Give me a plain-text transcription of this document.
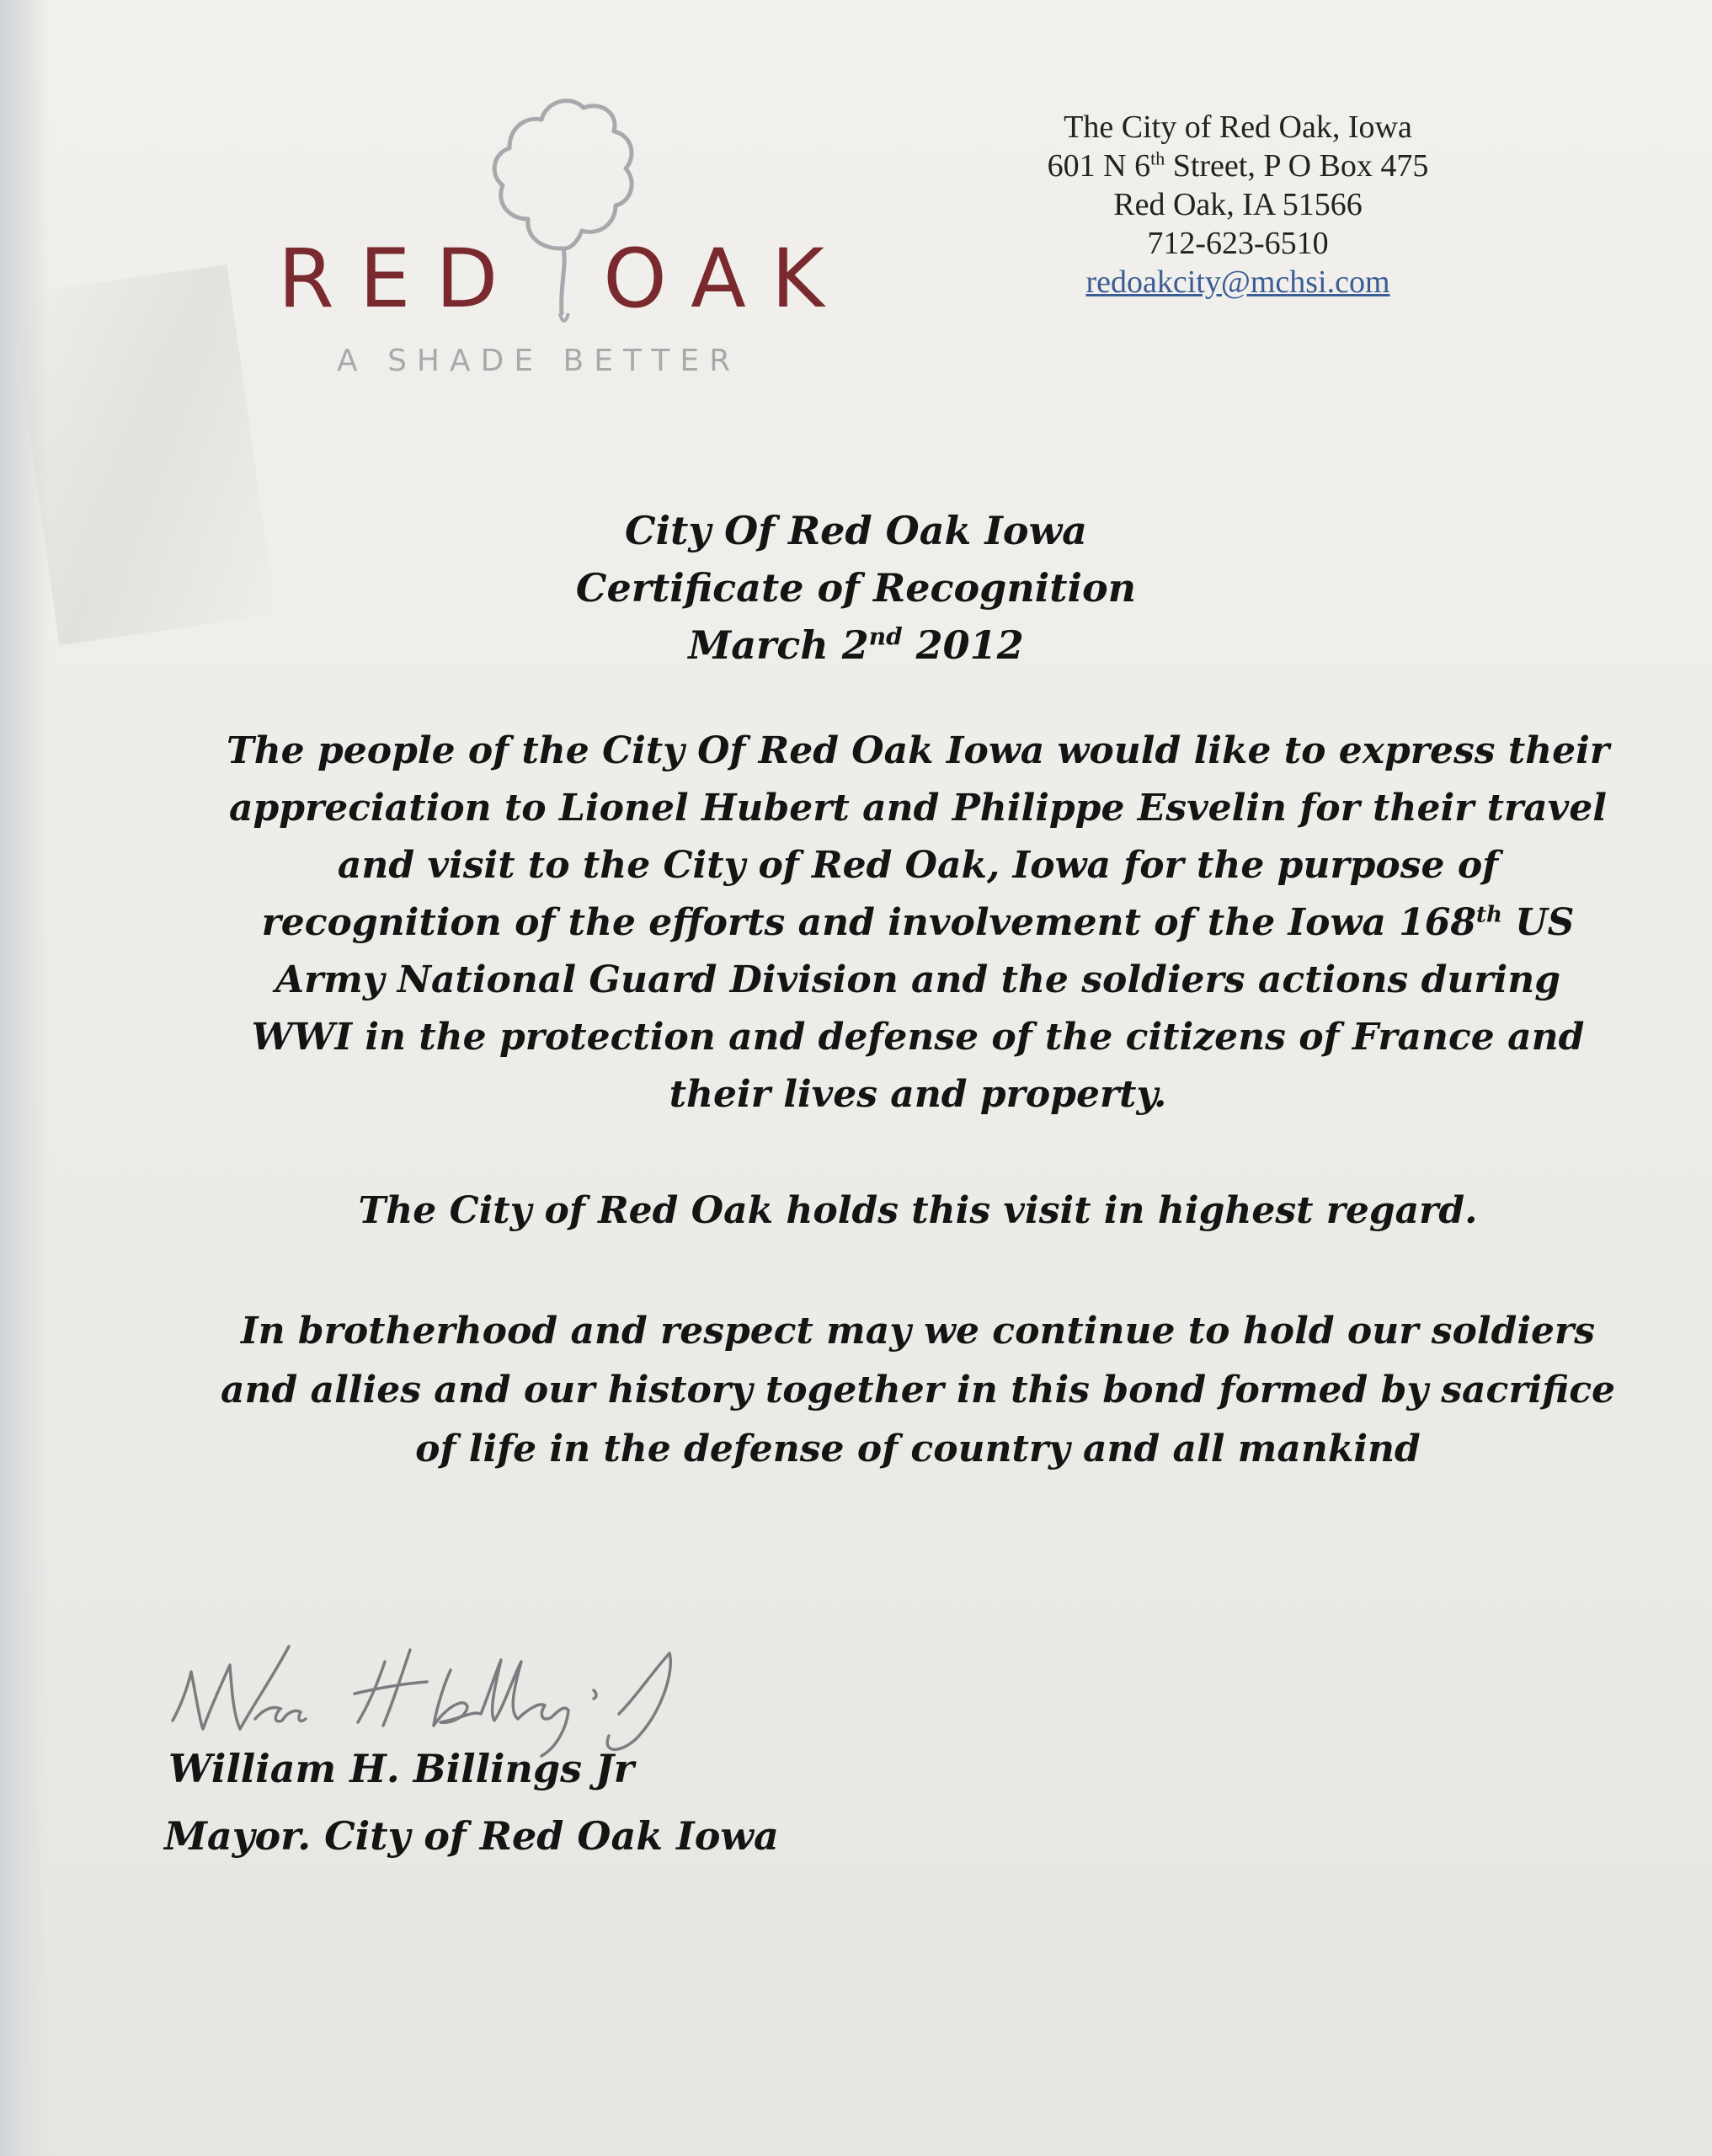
RED OAK
A SHADE BETTER
The City of Red Oak, Iowa
601 N 6th Street, P O Box 475
Red Oak, IA 51566
712-623-6510
redoakcity@mchsi.com
City Of Red Oak Iowa
Certificate of Recognition
March 2nd 2012
The people of the City Of Red Oak Iowa would like to express their
appreciation to Lionel Hubert and Philippe Esvelin for their travel
and visit to the City of Red Oak, Iowa for the purpose of
recognition of the efforts and involvement of the Iowa 168th US
Army National Guard Division and the soldiers actions during
WWI in the protection and defense of the citizens of France and
their lives and property.
The City of Red Oak holds this visit in highest regard.
In brotherhood and respect may we continue to hold our soldiers
and allies and our history together in this bond formed by sacrifice
of life in the defense of country and all mankind
William H. Billings Jr
Mayor. City of Red Oak Iowa
